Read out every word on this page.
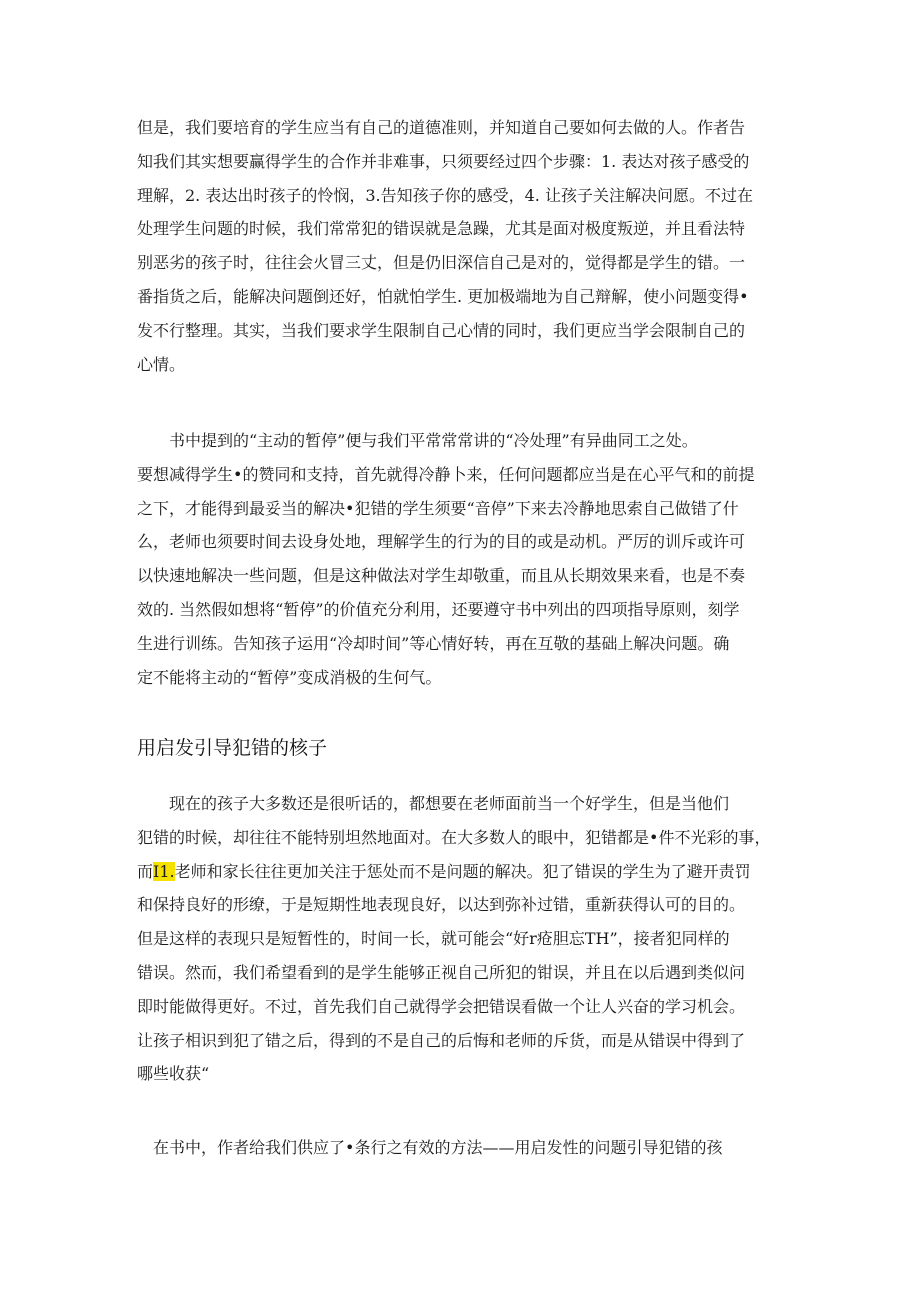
但是，我们要培育的学生应当有自己的道德准则，并知道自己要如何去做的人。作者告
知我们其实想要赢得学生的合作并非难事，只须要经过四个步骤：1. 表达对孩子感受的
理解，2. 表达出时孩子的怜悯，3.告知孩子你的感受，4. 让孩子关注解决问愿。不过在
处理学生问题的时候，我们常常犯的错误就是急躁，尤其是面对极度叛逆，并且看法特
别恶劣的孩子时，往往会火冒三丈，但是仍旧深信自己是对的，觉得都是学生的错。一
番指货之后，能解决问题倒还好，怕就怕学生. 更加极端地为自己辩解，使小问题变得•
发不行整理。其实，当我们要求学生限制自己心情的同时，我们更应当学会限制自己的
心情。
　　书中提到的“主动的暂停”便与我们平常常常讲的“冷处理”有异曲同工之处。
要想减得学生•的赞同和支持，首先就得冷静卜来，任何问题都应当是在心平气和的前提
之下，才能得到最妥当的解决•犯错的学生须要“音停”下来去冷静地思索自己做错了什
么，老师也须要时间去设身处地，理解学生的行为的目的或是动机。严厉的训斥或许可
以快速地解决一些问题，但是这种做法对学生却敬重，而且从长期效果来看，也是不奏
效的. 当然假如想将“暂停”的价值充分利用，还要遵守书中列出的四项指导原则，刻学
生进行训练。告知孩子运用“冷却时间”等心情好转，再在互敬的基础上解决问题。确
定不能将主动的“暂停”变成消极的生何气。
用启发引导犯错的核子
　　现在的孩子大多数还是很听话的，都想要在老师面前当一个好学生，但是当他们
犯错的时候，却往往不能特别坦然地面对。在大多数人的眼中，犯错都是•件不光彩的事，
而I1.老师和家长往往更加关注于惩处而不是问题的解决。犯了错误的学生为了避开责罚
和保持良好的形缭，于是短期性地表现良好，以达到弥补过错，重新获得认可的目的。
但是这样的表现只是短暂性的，时间一长，就可能会“好r疮胆忘TH”，接者犯同样的
错误。然而，我们希望看到的是学生能够正视自己所犯的钳误，并且在以后遇到类似问
即时能做得更好。不过，首先我们自己就得学会把错误看做一个让人兴奋的学习机会。
让孩子相识到犯了错之后，得到的不是自己的后悔和老师的斥货，而是从错误中得到了
哪些收获“
　在书中，作者给我们供应了•条行之有效的方法——用启发性的问题引导犯错的孩
